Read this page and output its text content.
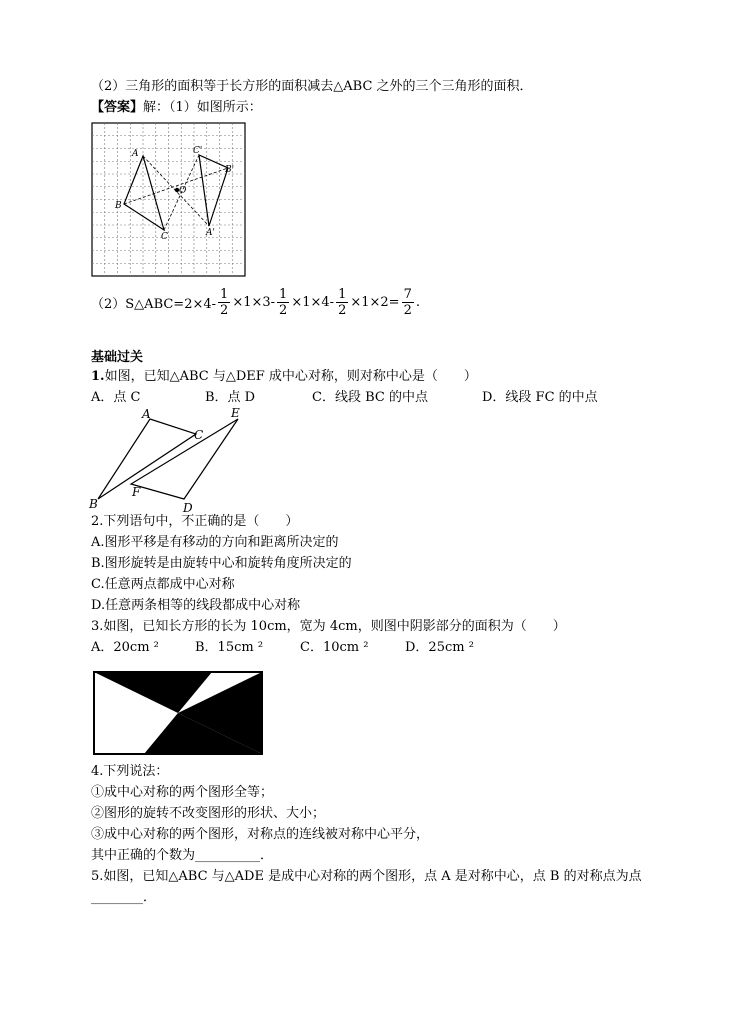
（2）三角形的面积等于长方形的面积减去△ABC 之外的三个三角形的面积．
【答案】解：（1）如图所示：
A
B
C
O
A'
B'
C'
（2）S△ABC=2×4- $\frac{1}{2} \times 1\times 3- \frac{1}{2} \times 1\times 4- \frac{1}{2} \times 1\times 2= \frac{7}{2}$ .
基础过关
1.如图，已知△ABC 与△DEF 成中心对称，则对称中心是（　　）
A．点 C	B．点 D	C．线段 BC 的中点	D．线段 FC 的中点
A	E
C
B
F
D
2.下列语句中，不正确的是（　　）
A.图形平移是有移动的方向和距离所决定的
B.图形旋转是由旋转中心和旋转角度所决定的
C.任意两点都成中心对称
D.任意两条相等的线段都成中心对称
3.如图，已知长方形的长为 10cm，宽为 4cm，则图中阴影部分的面积为（　　）
A．20cm ²	B．15cm ²	C．10cm ²	D．25cm ²
4.下列说法：
①成中心对称的两个图形全等；
②图形的旋转不改变图形的形状、大小；
③成中心对称的两个图形，对称点的连线被对称中心平分，
其中正确的个数为__________．
5.如图，已知△ABC 与△ADE 是成中心对称的两个图形，点 A 是对称中心，点 B 的对称点为点
________．
